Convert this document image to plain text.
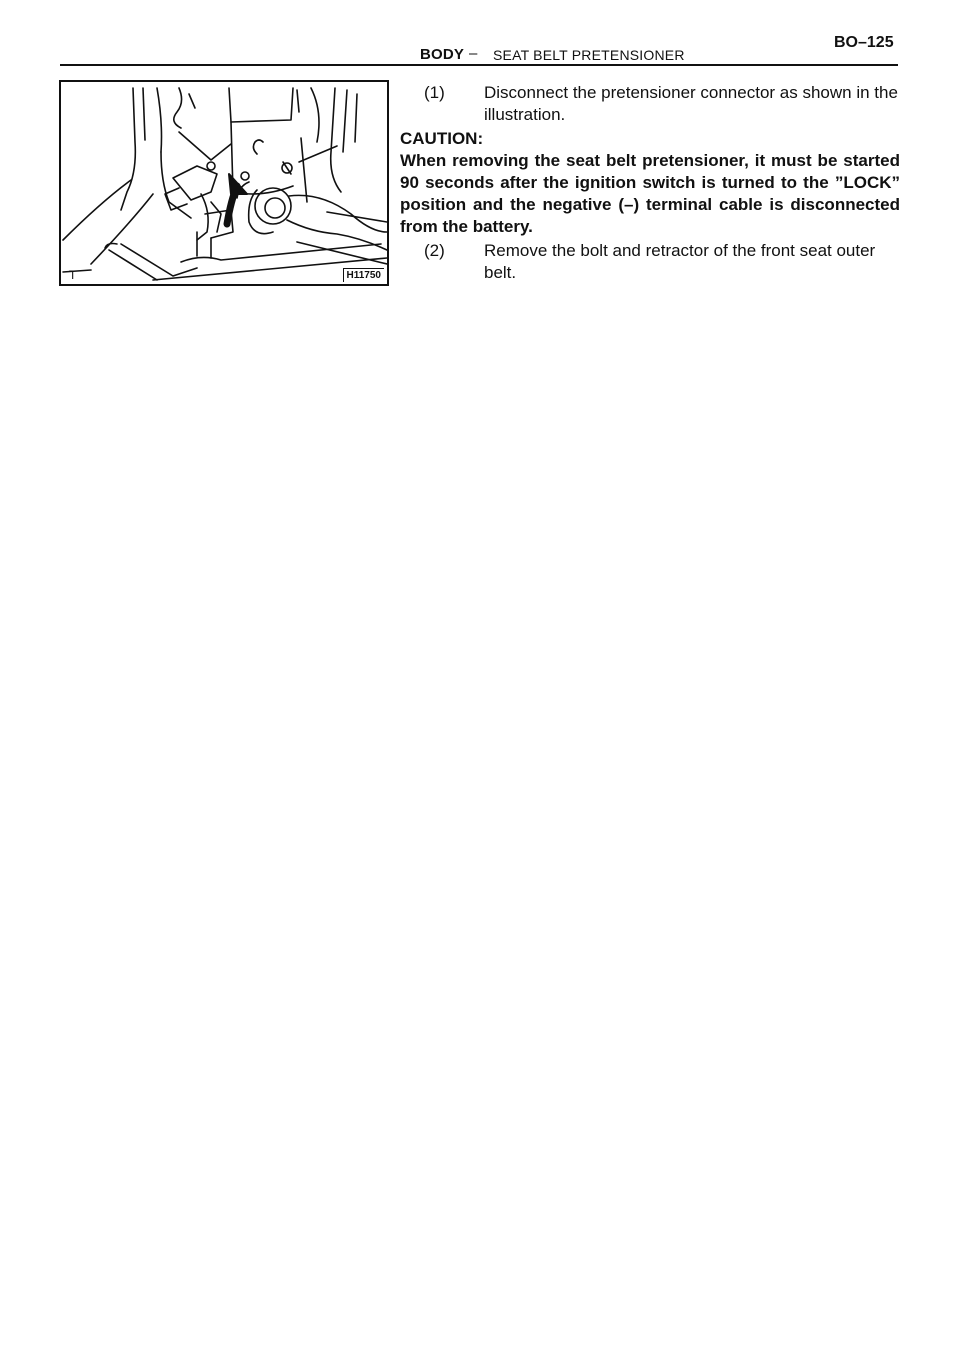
BODY – SEAT BELT PRETENSIONER
BO–125
T	H11750
(1) Disconnect the pretensioner connector as shown in the illustration.
CAUTION:
When removing the seat belt pretensioner, it must be started 90 seconds after the ignition switch is turned to the ”LOCK” position and the negative (–) terminal cable is disconnected from the battery.
(2) Remove the bolt and retractor of the front seat outer belt.
